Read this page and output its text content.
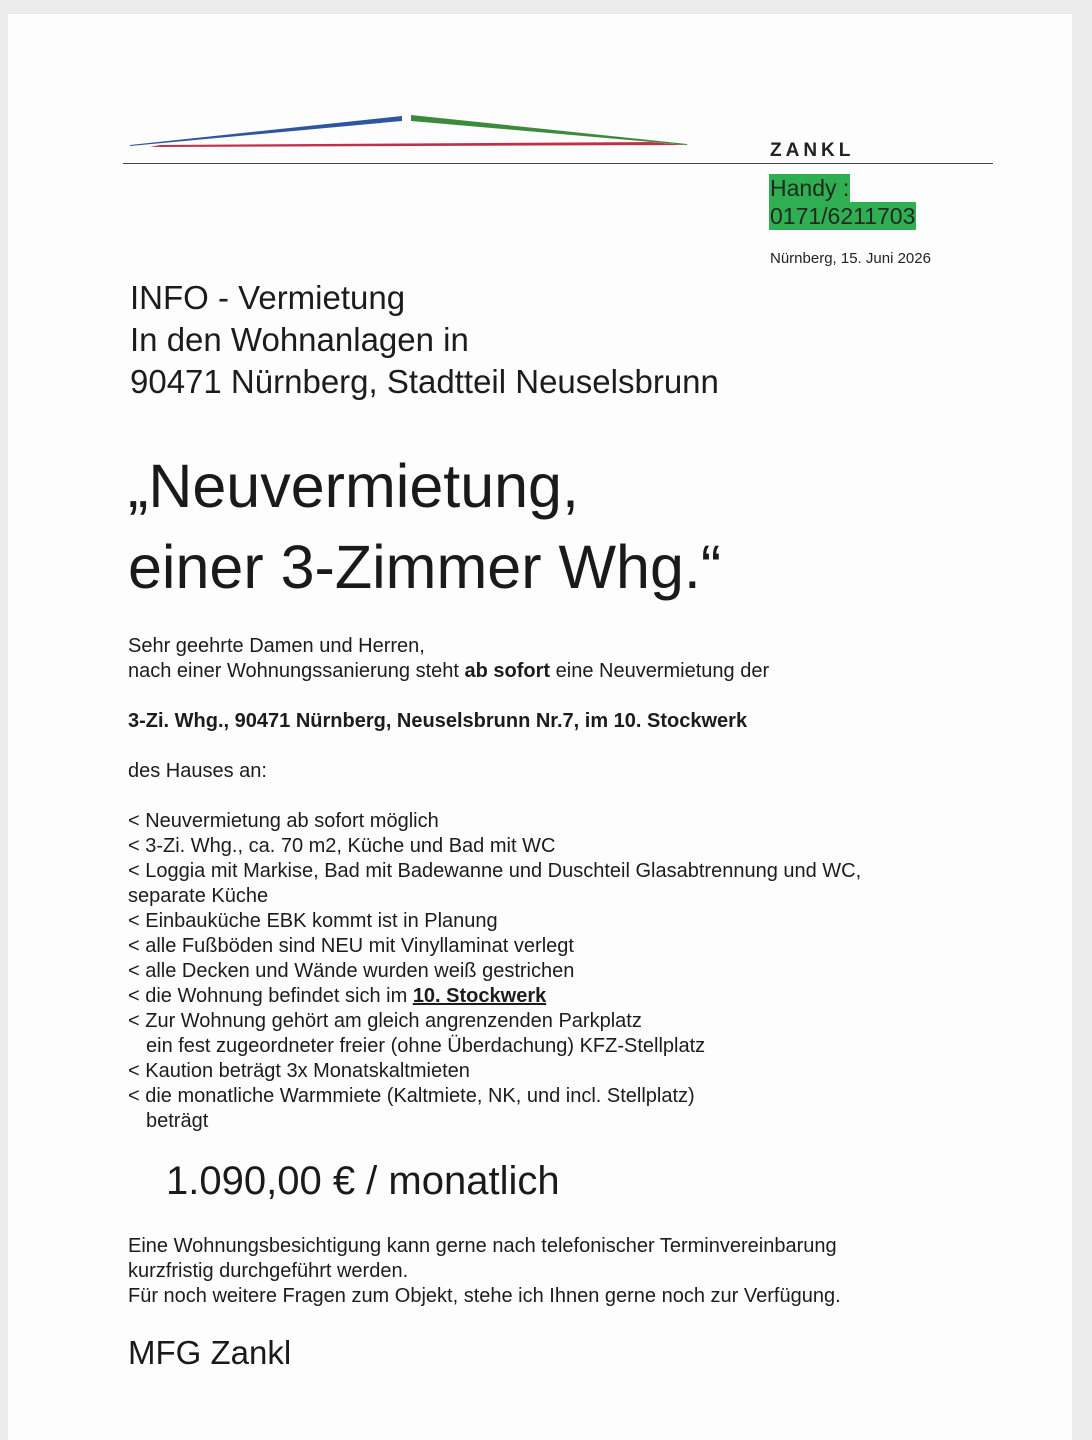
ZANKL
Handy :
0171/6211703
Nürnberg, 15. Juni 2026
INFO - Vermietung
In den Wohnanlagen in
90471 Nürnberg, Stadtteil Neuselsbrunn
„Neuvermietung,
einer 3-Zimmer Whg.“
Sehr geehrte Damen und Herren,
nach einer Wohnungssanierung steht ab sofort eine Neuvermietung der
3-Zi. Whg., 90471 Nürnberg, Neuselsbrunn Nr.7, im 10. Stockwerk
des Hauses an:
< Neuvermietung ab sofort möglich
< 3-Zi. Whg., ca. 70 m2, Küche und Bad mit WC
< Loggia mit Markise, Bad mit Badewanne und Duschteil Glasabtrennung und WC,
separate Küche
< Einbauküche EBK kommt ist in Planung
< alle Fußböden sind NEU mit Vinyllaminat verlegt
< alle Decken und Wände wurden weiß gestrichen
< die Wohnung befindet sich im 10. Stockwerk
< Zur Wohnung gehört am gleich angrenzenden Parkplatz
ein fest zugeordneter freier (ohne Überdachung) KFZ-Stellplatz
< Kaution beträgt 3x Monatskaltmieten
< die monatliche Warmmiete (Kaltmiete, NK, und incl. Stellplatz)
beträgt
1.090,00 € / monatlich
Eine Wohnungsbesichtigung kann gerne nach telefonischer Terminvereinbarung
kurzfristig durchgeführt werden.
Für noch weitere Fragen zum Objekt, stehe ich Ihnen gerne noch zur Verfügung.
MFG Zankl
